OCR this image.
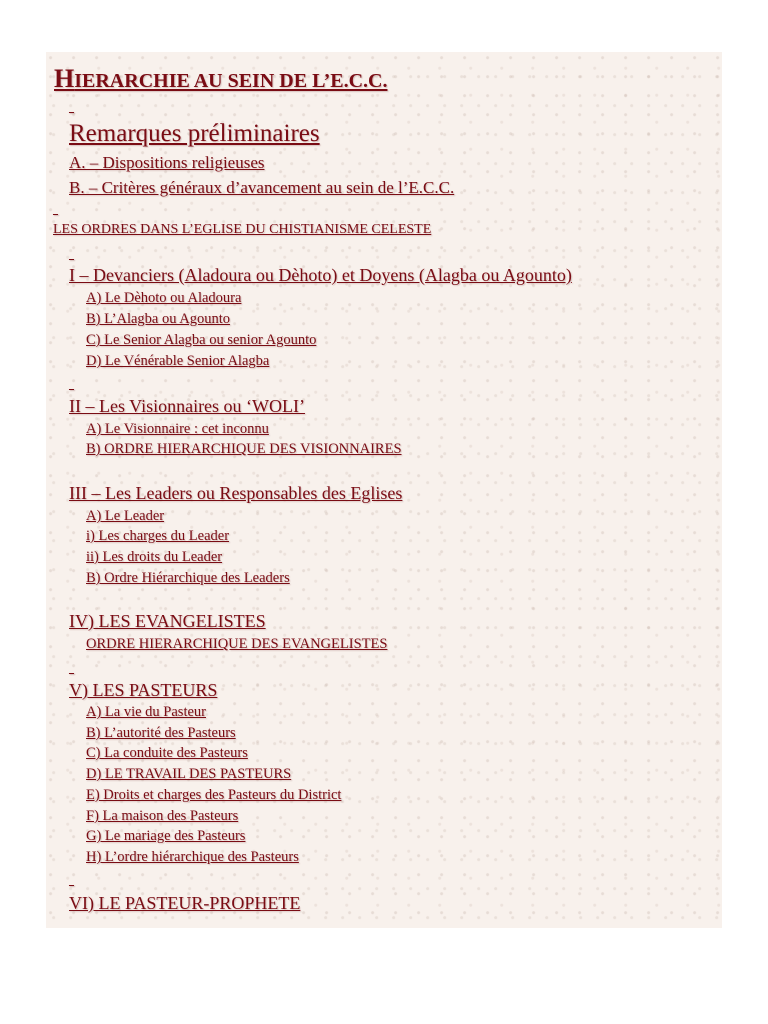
HIERARCHIE AU SEIN DE L’E.C.C.
_
Remarques préliminaires
A. – Dispositions religieuses
B. – Critères généraux d’avancement au sein de l’E.C.C.
_
LES ORDRES DANS L’EGLISE DU CHISTIANISME CELESTE
_
I – Devanciers (Aladoura ou Dèhoto) et Doyens (Alagba ou Agounto)
A) Le Dèhoto ou Aladoura
B) L’Alagba ou Agounto
C) Le Senior Alagba ou senior Agounto
D) Le Vénérable Senior Alagba
_
II – Les Visionnaires ou ‘WOLI’
A) Le Visionnaire : cet inconnu
B) ORDRE HIERARCHIQUE DES VISIONNAIRES
III – Les Leaders ou Responsables des Eglises
A) Le Leader
i) Les charges du Leader
ii) Les droits du Leader
B) Ordre Hiérarchique des Leaders
IV) LES EVANGELISTES
ORDRE HIERARCHIQUE DES EVANGELISTES
_
V) LES PASTEURS
A) La vie du Pasteur
B) L’autorité des Pasteurs
C) La conduite des Pasteurs
D) LE TRAVAIL DES PASTEURS
E) Droits et charges des Pasteurs du District
F) La maison des Pasteurs
G) Le mariage des Pasteurs
H) L’ordre hiérarchique des Pasteurs
_
VI) LE PASTEUR-PROPHETE
